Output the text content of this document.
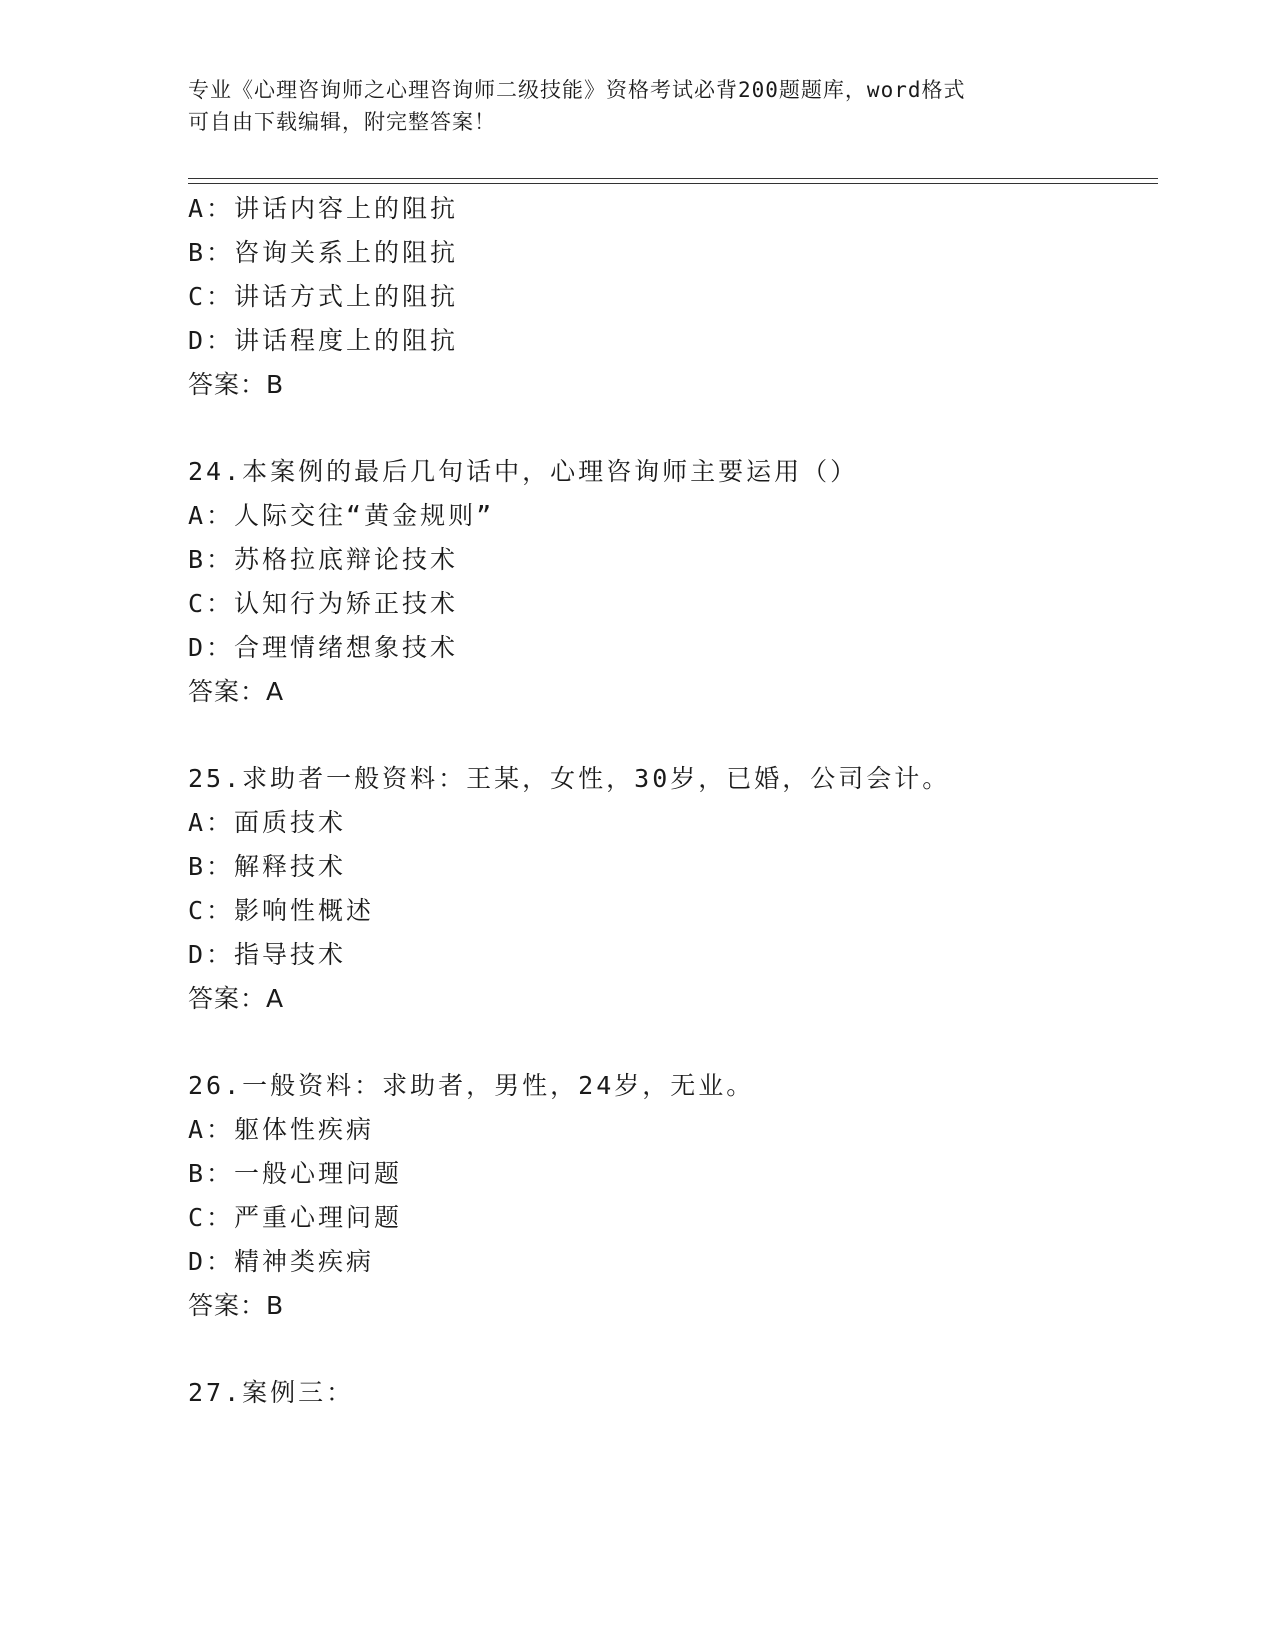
专业《心理咨询师之心理咨询师二级技能》资格考试必背200题题库，word格式
可自由下载编辑，附完整答案！
A：讲话内容上的阻抗
B：咨询关系上的阻抗
C：讲话方式上的阻抗
D：讲话程度上的阻抗
答案：B
24.本案例的最后几句话中，心理咨询师主要运用（）
A：人际交往“黄金规则”
B：苏格拉底辩论技术
C：认知行为矫正技术
D：合理情绪想象技术
答案：A
25.求助者一般资料：王某，女性，30岁，已婚，公司会计。
A：面质技术
B：解释技术
C：影响性概述
D：指导技术
答案：A
26.一般资料：求助者，男性，24岁，无业。
A：躯体性疾病
B：一般心理问题
C：严重心理问题
D：精神类疾病
答案：B
27.案例三：
